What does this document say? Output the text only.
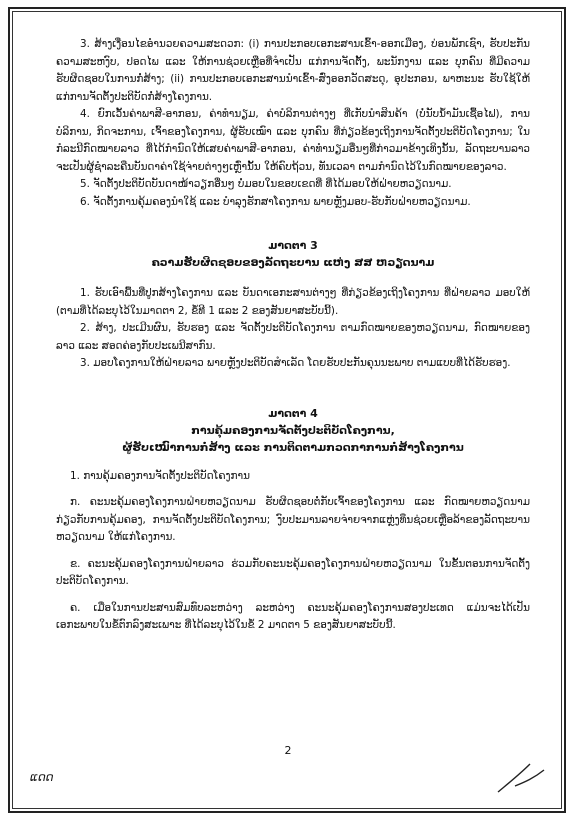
3. ສ້າງເງື່ອນໄຂອຳນວຍຄວາມສະດວກ: (i) ການປະກອບເອກະສານເຂົ້າ-ອອກເມືອງ, ບ່ອນພັກເຊົາ, ຮັບປະກັນຄວາມສະຫງົບ, ປອດໄພ ແລະ ໃຫ້ການຊ່ວຍເຫຼືອທີ່ຈຳເປັນ ແກ່ການຈັດຕັ້ງ, ພະນັກງານ ແລະ ບຸກຄົນ ທີ່ມີຄວາມຮັບຜິດຊອບໃນການກໍ່ສ້າງ; (ii) ການປະກອບເອກະສານນຳເຂົ້າ-ສົ່ງອອກວັດສະດຸ, ອຸປະກອນ, ພາຫະນະ ຮັບໃຊ້ໃຫ້ແກ່ການຈັດຕັ້ງປະຕິບັດກໍ່ສ້າງໂຄງການ.

4. ຍົກເວັ້ນຄ່າພາສີ-ອາກອນ, ຄ່າທຳນຽມ, ຄ່າບໍລິການຕ່າງໆ ທີ່ເກັບນຳສິນຄ້າ (ບໍ່ນັບນ້ຳມັນເຊື້ອໄຟ), ການບໍລິການ, ກິດຈະການ, ເຈົ້າຂອງໂຄງການ, ຜູ້ຮັບເໝົາ ແລະ ບຸກຄົນ ທີ່ກ່ຽວຂ້ອງເຖິງການຈັດຕັ້ງປະຕິບັດໂຄງການ; ໃນກໍລະນີກົດໝາຍລາວ ທີ່ໄດ້ກຳນົດໃຫ້ເສຍຄ່າພາສີ-ອາກອນ, ຄ່າທຳນຽມອື່ນໆທີ່ກ່າວມາຂ້າງເທິງນັ້ນ, ລັດຖະບານລາວ ຈະເປັນຜູ້ຊຳລະຄືນບັນດາຄ່າໃຊ້ຈ່າຍຕ່າງໆເຫຼົ່ານັ້ນ ໃຫ້ຄົບຖ້ວນ, ທັນເວລາ ຕາມກຳນົດໄວ້ໃນກົດໝາຍຂອງລາວ.

5. ຈັດຕັ້ງປະຕິບັດບັນດາໜ້າວຽກອື່ນໆ ບໍ່ມອບໃນຂອບເຂດທີ່ ທີ່ໄດ້ມອບໃຫ້ຝ່າຍຫວຽດນາມ.

6. ຈັດຕັ້ງການຄຸ້ມຄອງນຳໃຊ້ ແລະ ບຳລຸງຮັກສາໂຄງການ ພາຍຫຼັງມອບ-ຮັບກັບຝ່າຍຫວຽດນາມ.

ມາດຕາ 3

ຄວາມຮັບຜິດຊອບຂອງລັດຖະບານ ແຫ່ງ ສສ ຫວຽດນາມ

1. ຮັບເອົາພື້ນທີ່ປູກສ້າງໂຄງການ ແລະ ບັນດາເອກະສານຕ່າງໆ ທີ່ກ່ຽວຂ້ອງເຖິງໂຄງການ ທີ່ຝ່າຍລາວ ມອບໃຫ້ (ຕາມທີ່ໄດ້ລະບຸໄວ້ໃນມາດຕາ 2, ຂໍ້ທີ 1 ແລະ 2 ຂອງສັນຍາສະບັບນີ້).

2. ສ້າງ, ປະເມີນຜົນ, ຮັບຮອງ ແລະ ຈັດຕັ້ງປະຕິບັດໂຄງການ ຕາມກົດໝາຍຂອງຫວຽດນາມ, ກົດໝາຍຂອງລາວ ແລະ ສອດຄ່ອງກັບປະເພນີສາກົນ.

3. ມອບໂຄງການໃຫ້ຝ່າຍລາວ ພາຍຫຼັງປະຕິບັດສຳເລັດ ໂດຍຮັບປະກັນຄຸນນະພາບ ຕາມແບບທີ່ໄດ້ຮັບຮອງ.

ມາດຕາ 4

ການຄຸ້ມຄອງການຈັດຕັ້ງປະຕິບັດໂຄງການ,

ຜູ້ຮັບເໝົາການກໍ່ສ້າງ ແລະ ການຕິດຕາມກວດກາການກໍ່ສ້າງໂຄງການ

1. ການຄຸ້ມຄອງການຈັດຕັ້ງປະຕິບັດໂຄງການ

ກ. ຄະນະຄຸ້ມຄອງໂຄງການຝ່າຍຫວຽດນາມ ຮັບຜິດຊອບຕໍ່ກັບເຈົ້າຂອງໂຄງການ ແລະ ກົດໝາຍຫວຽດນາມ ກ່ຽວກັບການຄຸ້ມຄອງ, ການຈັດຕັ້ງປະຕິບັດໂຄງການ; ງົບປະມານລາຍຈ່າຍຈາກແຫຼ່ງທຶນຊ່ວຍເຫຼືອລ້າຂອງລັດຖະບານຫວຽດນາມ ໃຫ້ແກ່ໂຄງການ.

ຂ. ຄະນະຄຸ້ມຄອງໂຄງການຝ່າຍລາວ ຮ່ວມກັບຄະນະຄຸ້ມຄອງໂຄງການຝ່າຍຫວຽດນາມ ໃນຂັ້ນຕອນການຈັດຕັ້ງປະຕິບັດໂຄງການ.

ຄ. ເມື່ອໃນການປະສານສົມທົບລະຫວ່າງ ລະຫວ່າງ ຄະນະຄຸ້ມຄອງໂຄງການສອງປະເທດ ແມ່ນຈະໄດ້ເປັນເອກະພາບໃນຂໍ້ຕົກລົງສະເພາະ ທີ່ໄດ້ລະບຸໄວ້ໃນຂໍ້ 2 ມາດຕາ 5 ຂອງສັນຍາສະບັບນີ້.

2
ແດດ
